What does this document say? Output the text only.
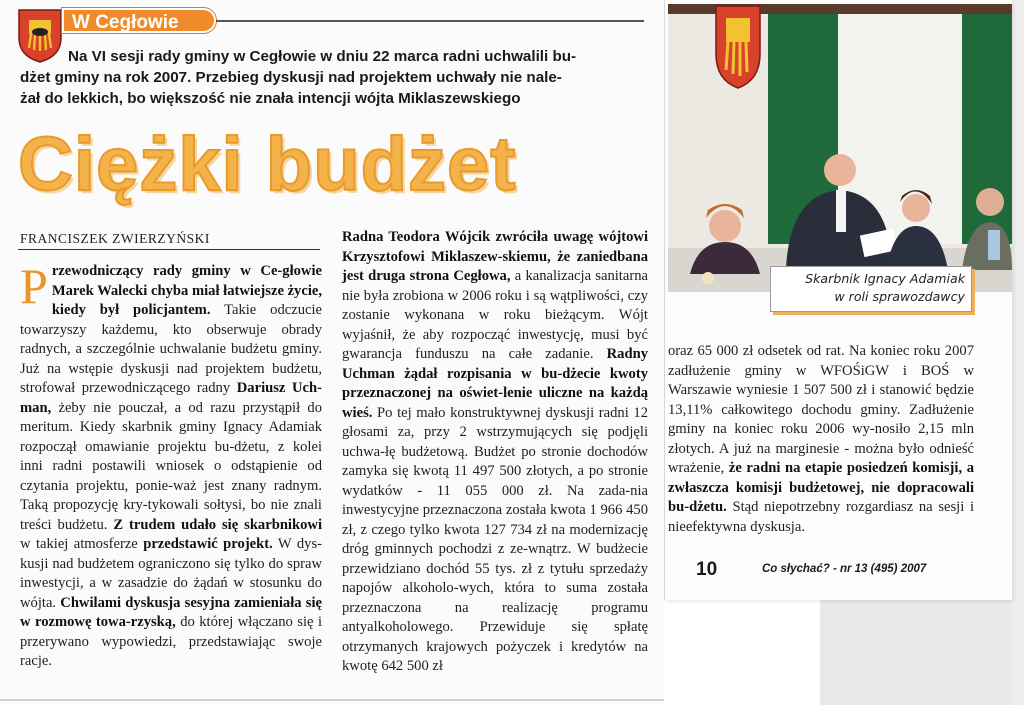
W Cegłowie
Na VI sesji rady gminy w Cegłowie w dniu 22 marca radni uchwalili bu-
dżet gminy na rok 2007. Przebieg dyskusji nad projektem uchwały nie nale-
żał do lekkich, bo większość nie znała intencji wójta Miklaszewskiego
Ciężki budżet
FRANCISZEK ZWIERZYŃSKI
Przewodniczący rady gminy w Ce-głowie Marek Walecki chyba miał łatwiejsze życie, kiedy był policjantem. Takie odczucie towarzyszy każdemu, kto obserwuje obrady radnych, a szczególnie uchwalanie budżetu gminy. Już na wstępie dyskusji nad projektem budżetu, strofował przewodniczącego radny Dariusz Uch-man, żeby nie pouczał, a od razu przystąpił do meritum. Kiedy skarbnik gminy Ignacy Adamiak rozpoczął omawianie projektu bu-dżetu, z kolei inni radni postawili wniosek o odstąpienie od czytania projektu, ponie-waż jest znany radnym. Taką propozycję kry-tykowali sołtysi, bo nie znali treści budżetu. Z trudem udało się skarbnikowi w takiej atmosferze przedstawić projekt. W dys-kusji nad budżetem ograniczono się tylko do spraw inwestycji, a w zasadzie do żądań w stosunku do wójta. Chwilami dyskusja sesyjna zamieniała się w rozmowę towa-rzyską, do której włączano się i przerywano wypowiedzi, przedstawiając swoje racje.
Radna Teodora Wójcik zwróciła uwagę wójtowi Krzysztofowi Miklaszew-skiemu, że zaniedbana jest druga strona Cegłowa, a kanalizacja sanitarna nie była zrobiona w 2006 roku i są wątpliwości, czy zostanie wykonana w roku bieżącym. Wójt wyjaśnił, że aby rozpocząć inwestycję, musi być gwarancja funduszu na całe zadanie. Radny Uchman żądał rozpisania w bu-dżecie kwoty przeznaczonej na oświet-lenie uliczne na każdą wieś. Po tej mało konstruktywnej dyskusji radni 12 głosami za, przy 2 wstrzymujących się podjęli uchwa-łę budżetową. Budżet po stronie dochodów zamyka się kwotą 11 497 500 złotych, a po stronie wydatków - 11 055 000 zł. Na zada-nia inwestycyjne przeznaczona została kwota 1 966 450 zł, z czego tylko kwota 127 734 zł na modernizację dróg gminnych pochodzi z ze-wnątrz. W budżecie przewidziano dochód 55 tys. zł z tytułu sprzedaży napojów alkoholo-wych, która to suma została przeznaczona na realizację programu antyalkoholowego. Przewiduje się spłatę otrzymanych krajowych pożyczek i kredytów na kwotę 642 500 zł
Skarbnik Ignacy Adamiak
w roli sprawozdawcy
oraz 65 000 zł odsetek od rat. Na koniec roku 2007 zadłużenie gminy w WFOŚiGW i BOŚ w Warszawie wyniesie 1 507 500 zł i stanowić będzie 13,11% całkowitego dochodu gminy. Zadłużenie gminy na koniec roku 2006 wy-nosiło 2,15 mln złotych. A już na marginesie - można było odnieść wrażenie, że radni na etapie posiedzeń komisji, a zwłaszcza komisji budżetowej, nie dopracowali bu-dżetu. Stąd niepotrzebny rozgardiasz na sesji i nieefektywna dyskusja.
10	Co słychać? - nr 13 (495) 2007
